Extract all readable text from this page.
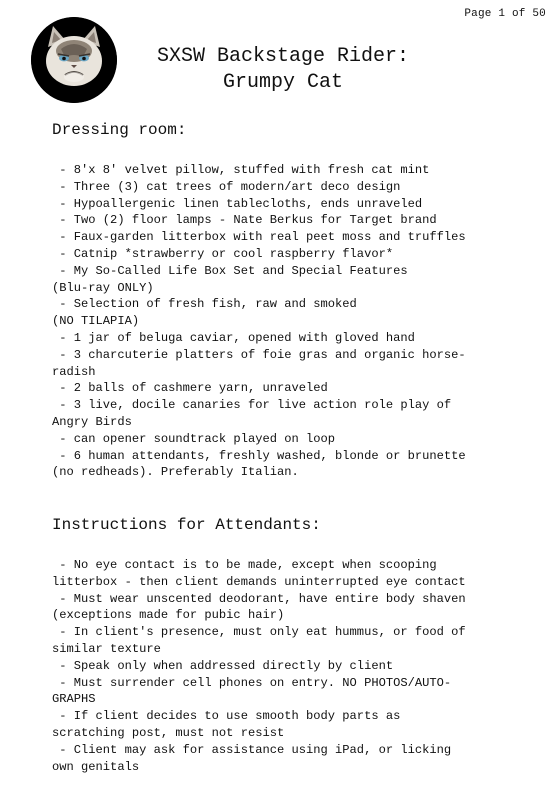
Page 1 of 50
SXSW Backstage Rider:
Grumpy Cat
Dressing room:
- 8′x 8′ velvet pillow, stuffed with fresh cat mint
- Three (3) cat trees of modern/art deco design
- Hypoallergenic linen tablecloths, ends unraveled
- Two (2) floor lamps - Nate Berkus for Target brand
- Faux-garden litterbox with real peet moss and truffles
- Catnip *strawberry or cool raspberry flavor*
- My So-Called Life Box Set and Special Features
(Blu-ray ONLY)
- Selection of fresh fish, raw and smoked
(NO TILAPIA)
- 1 jar of beluga caviar, opened with gloved hand
- 3 charcuterie platters of foie gras and organic horse-
radish
- 2 balls of cashmere yarn, unraveled
- 3 live, docile canaries for live action role play of
Angry Birds
- can opener soundtrack played on loop
- 6 human attendants, freshly washed, blonde or brunette
(no redheads). Preferably Italian.
Instructions for Attendants:
- No eye contact is to be made, except when scooping
litterbox - then client demands uninterrupted eye contact
- Must wear unscented deodorant, have entire body shaven
(exceptions made for pubic hair)
- In client′s presence, must only eat hummus, or food of
similar texture
- Speak only when addressed directly by client
- Must surrender cell phones on entry. NO PHOTOS/AUTO-
GRAPHS
- If client decides to use smooth body parts as
scratching post, must not resist
- Client may ask for assistance using iPad, or licking
own genitals
